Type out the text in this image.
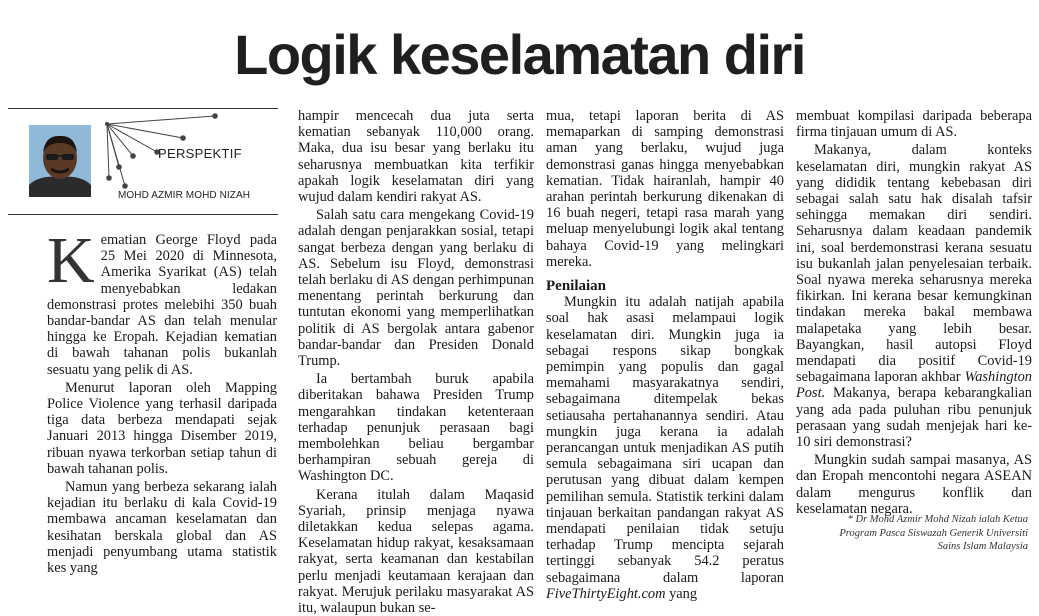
Logik keselamatan diri
PERSPEKTIF
MOHD AZMIR MOHD NIZAH

Kematian George Floyd pada 25 Mei 2020 di Minnesota, Amerika Syarikat (AS) telah menyebabkan ledakan demonstrasi protes melebihi 350 buah bandar-bandar AS dan telah menular hingga ke Eropah. Kejadian kematian di bawah tahanan polis bukanlah sesuatu yang pelik di AS.

Menurut laporan oleh Mapping Police Violence yang terhasil daripada tiga data berbeza mendapati sejak Januari 2013 hingga Disember 2019, ribuan nyawa terkorban setiap tahun di bawah tahanan polis.

Namun yang berbeza sekarang ialah kejadian itu berlaku di kala Covid-19 membawa ancaman keselamatan dan kesihatan berskala global dan AS menjadi penyumbang utama statistik kes yang

hampir mencecah dua juta serta kematian sebanyak 110,000 orang. Maka, dua isu besar yang berlaku itu seharusnya membuatkan kita terfikir apakah logik keselamatan diri yang wujud dalam kendiri rakyat AS.

Salah satu cara mengekang Covid-19 adalah dengan penjarakkan sosial, tetapi sangat berbeza dengan yang berlaku di AS. Sebelum isu Floyd, demonstrasi telah berlaku di AS dengan perhimpunan menentang perintah berkurung dan tuntutan ekonomi yang memperlihatkan politik di AS bergolak antara gabenor bandar-bandar dan Presiden Donald Trump.

Ia bertambah buruk apabila diberitakan bahawa Presiden Trump mengarahkan tindakan ketenteraan terhadap penunjuk perasaan bagi membolehkan beliau bergambar berhampiran sebuah gereja di Washington DC.

Kerana itulah dalam Maqasid Syariah, prinsip menjaga nyawa diletakkan kedua selepas agama. Keselamatan hidup rakyat, kesaksamaan rakyat, serta keamanan dan kestabilan perlu menjadi keutamaan kerajaan dan rakyat. Merujuk perilaku masyarakat AS itu, walaupun bukan se-

mua, tetapi laporan berita di AS memaparkan di samping demonstrasi aman yang berlaku, wujud juga demonstrasi ganas hingga menyebabkan kematian. Tidak hairanlah, hampir 40 arahan perintah berkurung dikenakan di 16 buah negeri, tetapi rasa marah yang meluap menyelubungi logik akal tentang bahaya Covid-19 yang melingkari mereka.

Penilaian

Mungkin itu adalah natijah apabila soal hak asasi melampaui logik keselamatan diri. Mungkin juga ia sebagai respons sikap bongkak pemimpin yang populis dan gagal memahami masyarakatnya sendiri, sebagaimana ditempelak bekas setiausaha pertahanannya sendiri. Atau mungkin juga kerana ia adalah perancangan untuk menjadikan AS putih semula sebagaimana siri ucapan dan perutusan yang dibuat dalam kempen pemilihan semula. Statistik terkini dalam tinjauan berkaitan pandangan rakyat AS mendapati penilaian tidak setuju terhadap Trump mencipta sejarah tertinggi sebanyak 54.2 peratus sebagaimana dalam laporan FiveThirtyEight.com yang

membuat kompilasi daripada beberapa firma tinjauan umum di AS.

Makanya, dalam konteks keselamatan diri, mungkin rakyat AS yang dididik tentang kebebasan diri sebagai salah satu hak disalah tafsir sehingga memakan diri sendiri. Seharusnya dalam keadaan pandemik ini, soal berdemonstrasi kerana sesuatu isu bukanlah jalan penyelesaian terbaik. Soal nyawa mereka seharusnya mereka fikirkan. Ini kerana besar kemungkinan tindakan mereka bakal membawa malapetaka yang lebih besar. Bayangkan, hasil autopsi Floyd mendapati dia positif Covid-19 sebagaimana laporan akhbar Washington Post. Makanya, berapa kebarangkalian yang ada pada puluhan ribu penunjuk perasaan yang sudah menjejak hari ke-10 siri demonstrasi?

Mungkin sudah sampai masanya, AS dan Eropah mencontohi negara ASEAN dalam mengurus konflik dan keselamatan negara.

* Dr Mohd Azmir Mohd Nizah ialah Ketua
Program Pasca Siswazah Generik Universiti
Sains Islam Malaysia
